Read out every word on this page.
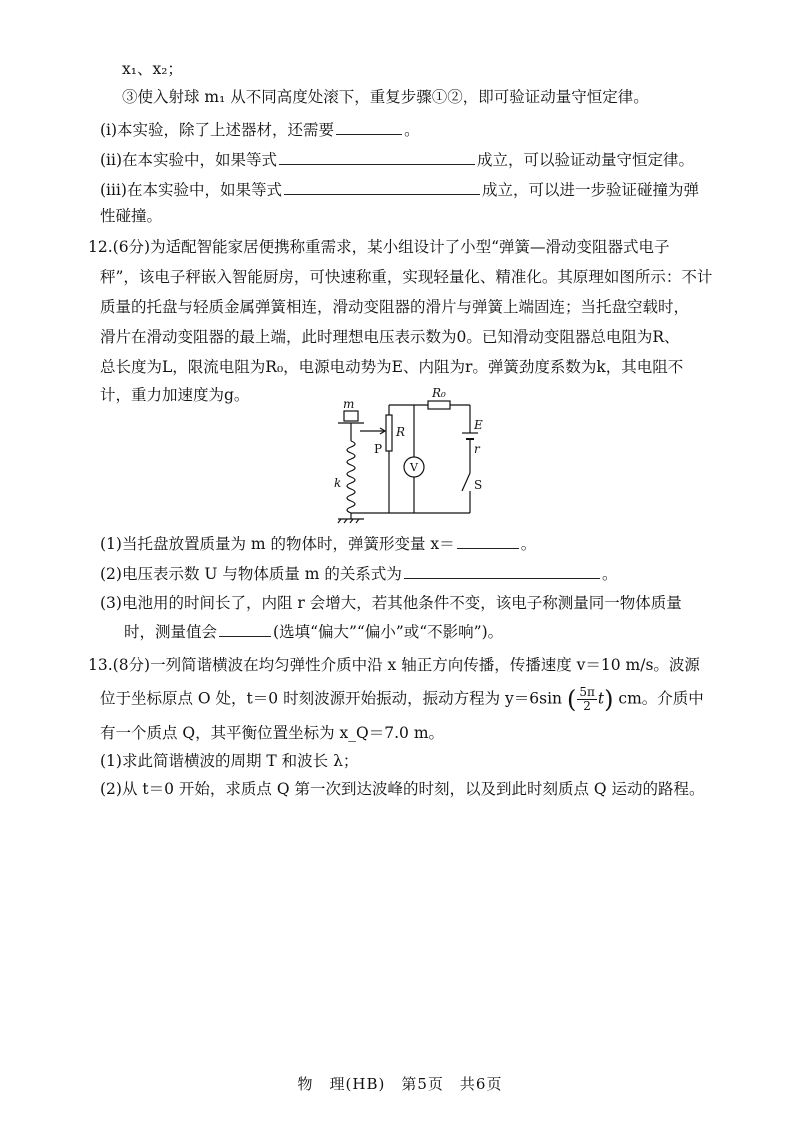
x₁、x₂；
③使入射球 m₁ 从不同高度处滚下，重复步骤①②，即可验证动量守恒定律。
(ⅰ)本实验，除了上述器材，还需要	。
(ⅱ)在本实验中，如果等式	成立，可以验证动量守恒定律。
(ⅲ)在本实验中，如果等式	成立，可以进一步验证碰撞为弹
性碰撞。
12.(6分)为适配智能家居便携称重需求，某小组设计了小型“弹簧—滑动变阻器式电子
秤”，该电子秤嵌入智能厨房，可快速称重，实现轻量化、精准化。其原理如图所示：不计
质量的托盘与轻质金属弹簧相连，滑动变阻器的滑片与弹簧上端固连；当托盘空载时，
滑片在滑动变阻器的最上端，此时理想电压表示数为0。已知滑动变阻器总电阻为R、
总长度为L，限流电阻为R₀，电源电动势为E、内阻为r。弹簧劲度系数为k，其电阻不
计，重力加速度为g。	m
R
R₀
E
r
k
P
S
V
(1)当托盘放置质量为 m 的物体时，弹簧形变量 x＝	。
(2)电压表示数 U 与物体质量 m 的关系式为	。
(3)电池用的时间长了，内阻 r 会增大，若其他条件不变，该电子称测量同一物体质量
时，测量值会	(选填“偏大”“偏小”或“不影响”)。
13.(8分)一列简谐横波在均匀弹性介质中沿 x 轴正方向传播，传播速度 v＝10 m/s。波源
位于坐标原点 O 处，t＝0 时刻波源开始振动，振动方程为 y＝6sin ( $\frac{5\pi}{2} t$) cm。介质中
有一个质点 Q，其平衡位置坐标为 x_Q＝7.0 m。
(1)求此简谐横波的周期 T 和波长 λ；
(2)从 t＝0 开始，求质点 Q 第一次到达波峰的时刻，以及到此时刻质点 Q 运动的路程。
物　理(HB)　第5页　共6页
